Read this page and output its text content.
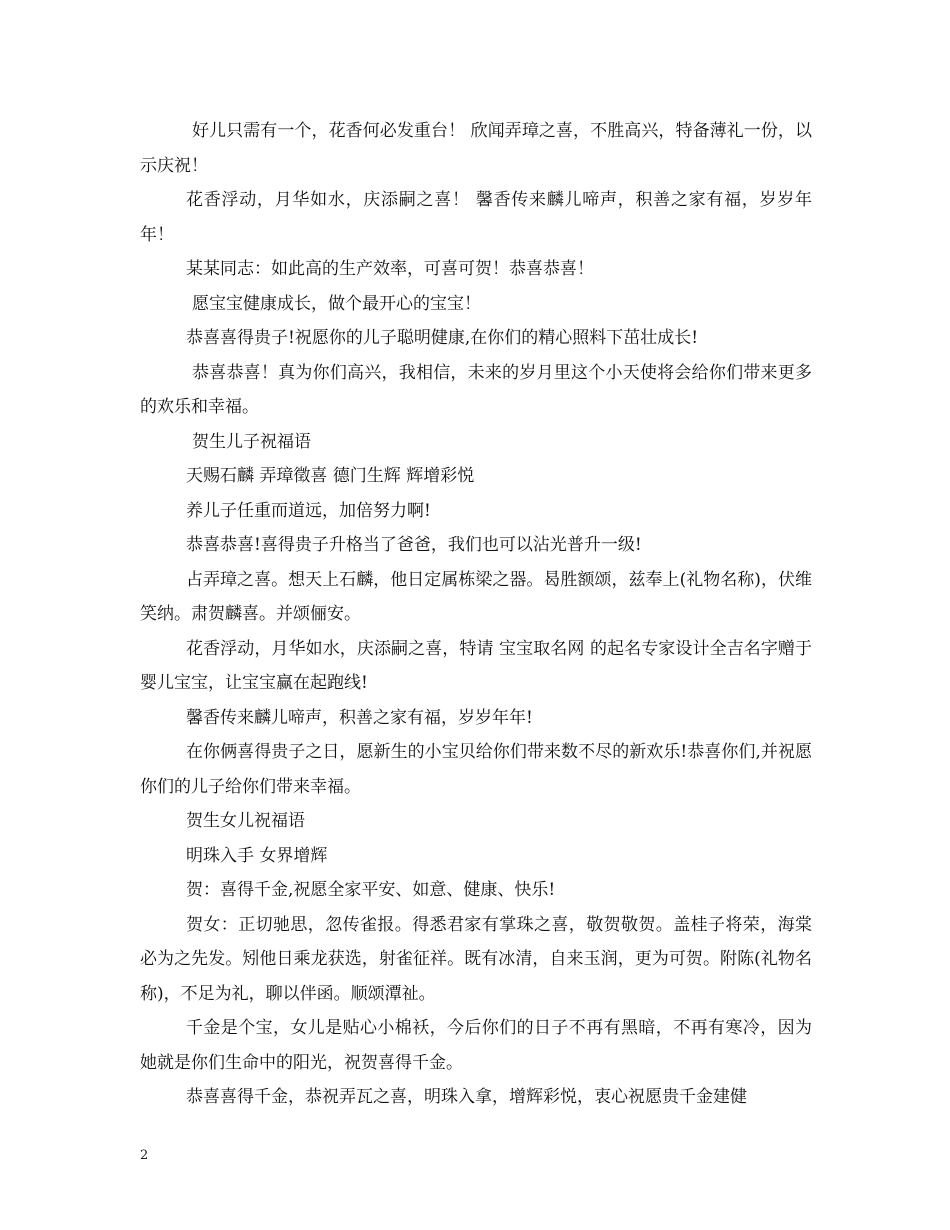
好儿只需有一个，花香何必发重台！ 欣闻弄璋之喜，不胜高兴，特备薄礼一份，以示庆祝！

花香浮动，月华如水，庆添嗣之喜！ 馨香传来麟儿啼声，积善之家有福，岁岁年年！

某某同志：如此高的生产效率，可喜可贺！恭喜恭喜！

愿宝宝健康成长，做个最开心的宝宝！

恭喜喜得贵子!祝愿你的儿子聪明健康,在你们的精心照料下茁壮成长!

恭喜恭喜！真为你们高兴，我相信，未来的岁月里这个小天使将会给你们带来更多的欢乐和幸福。

贺生儿子祝福语

天赐石麟 弄璋徵喜 德门生辉 辉增彩悦

养儿子任重而道远，加倍努力啊!

恭喜恭喜!喜得贵子升格当了爸爸，我们也可以沾光普升一级!

占弄璋之喜。想天上石麟，他日定属栋梁之器。曷胜额颂，兹奉上(礼物名称)，伏维笑纳。肃贺麟喜。并颂俪安。

花香浮动，月华如水，庆添嗣之喜，特请 宝宝取名网 的起名专家设计全吉名字赠于婴儿宝宝，让宝宝赢在起跑线!

馨香传来麟儿啼声，积善之家有福，岁岁年年!

在你俩喜得贵子之日，愿新生的小宝贝给你们带来数不尽的新欢乐!恭喜你们,并祝愿你们的儿子给你们带来幸福。

贺生女儿祝福语

明珠入手 女界增辉

贺：喜得千金,祝愿全家平安、如意、健康、快乐!

贺女：正切驰思，忽传雀报。得悉君家有掌珠之喜，敬贺敬贺。盖桂子将荣，海棠必为之先发。矧他日乘龙获选，射雀征祥。既有冰清，自来玉润，更为可贺。附陈(礼物名称)，不足为礼，聊以伴函。顺颂潭祉。

千金是个宝，女儿是贴心小棉袄，今后你们的日子不再有黑暗，不再有寒冷，因为她就是你们生命中的阳光，祝贺喜得千金。

恭喜喜得千金，恭祝弄瓦之喜，明珠入拿，增辉彩悦，衷心祝愿贵千金建健

2
